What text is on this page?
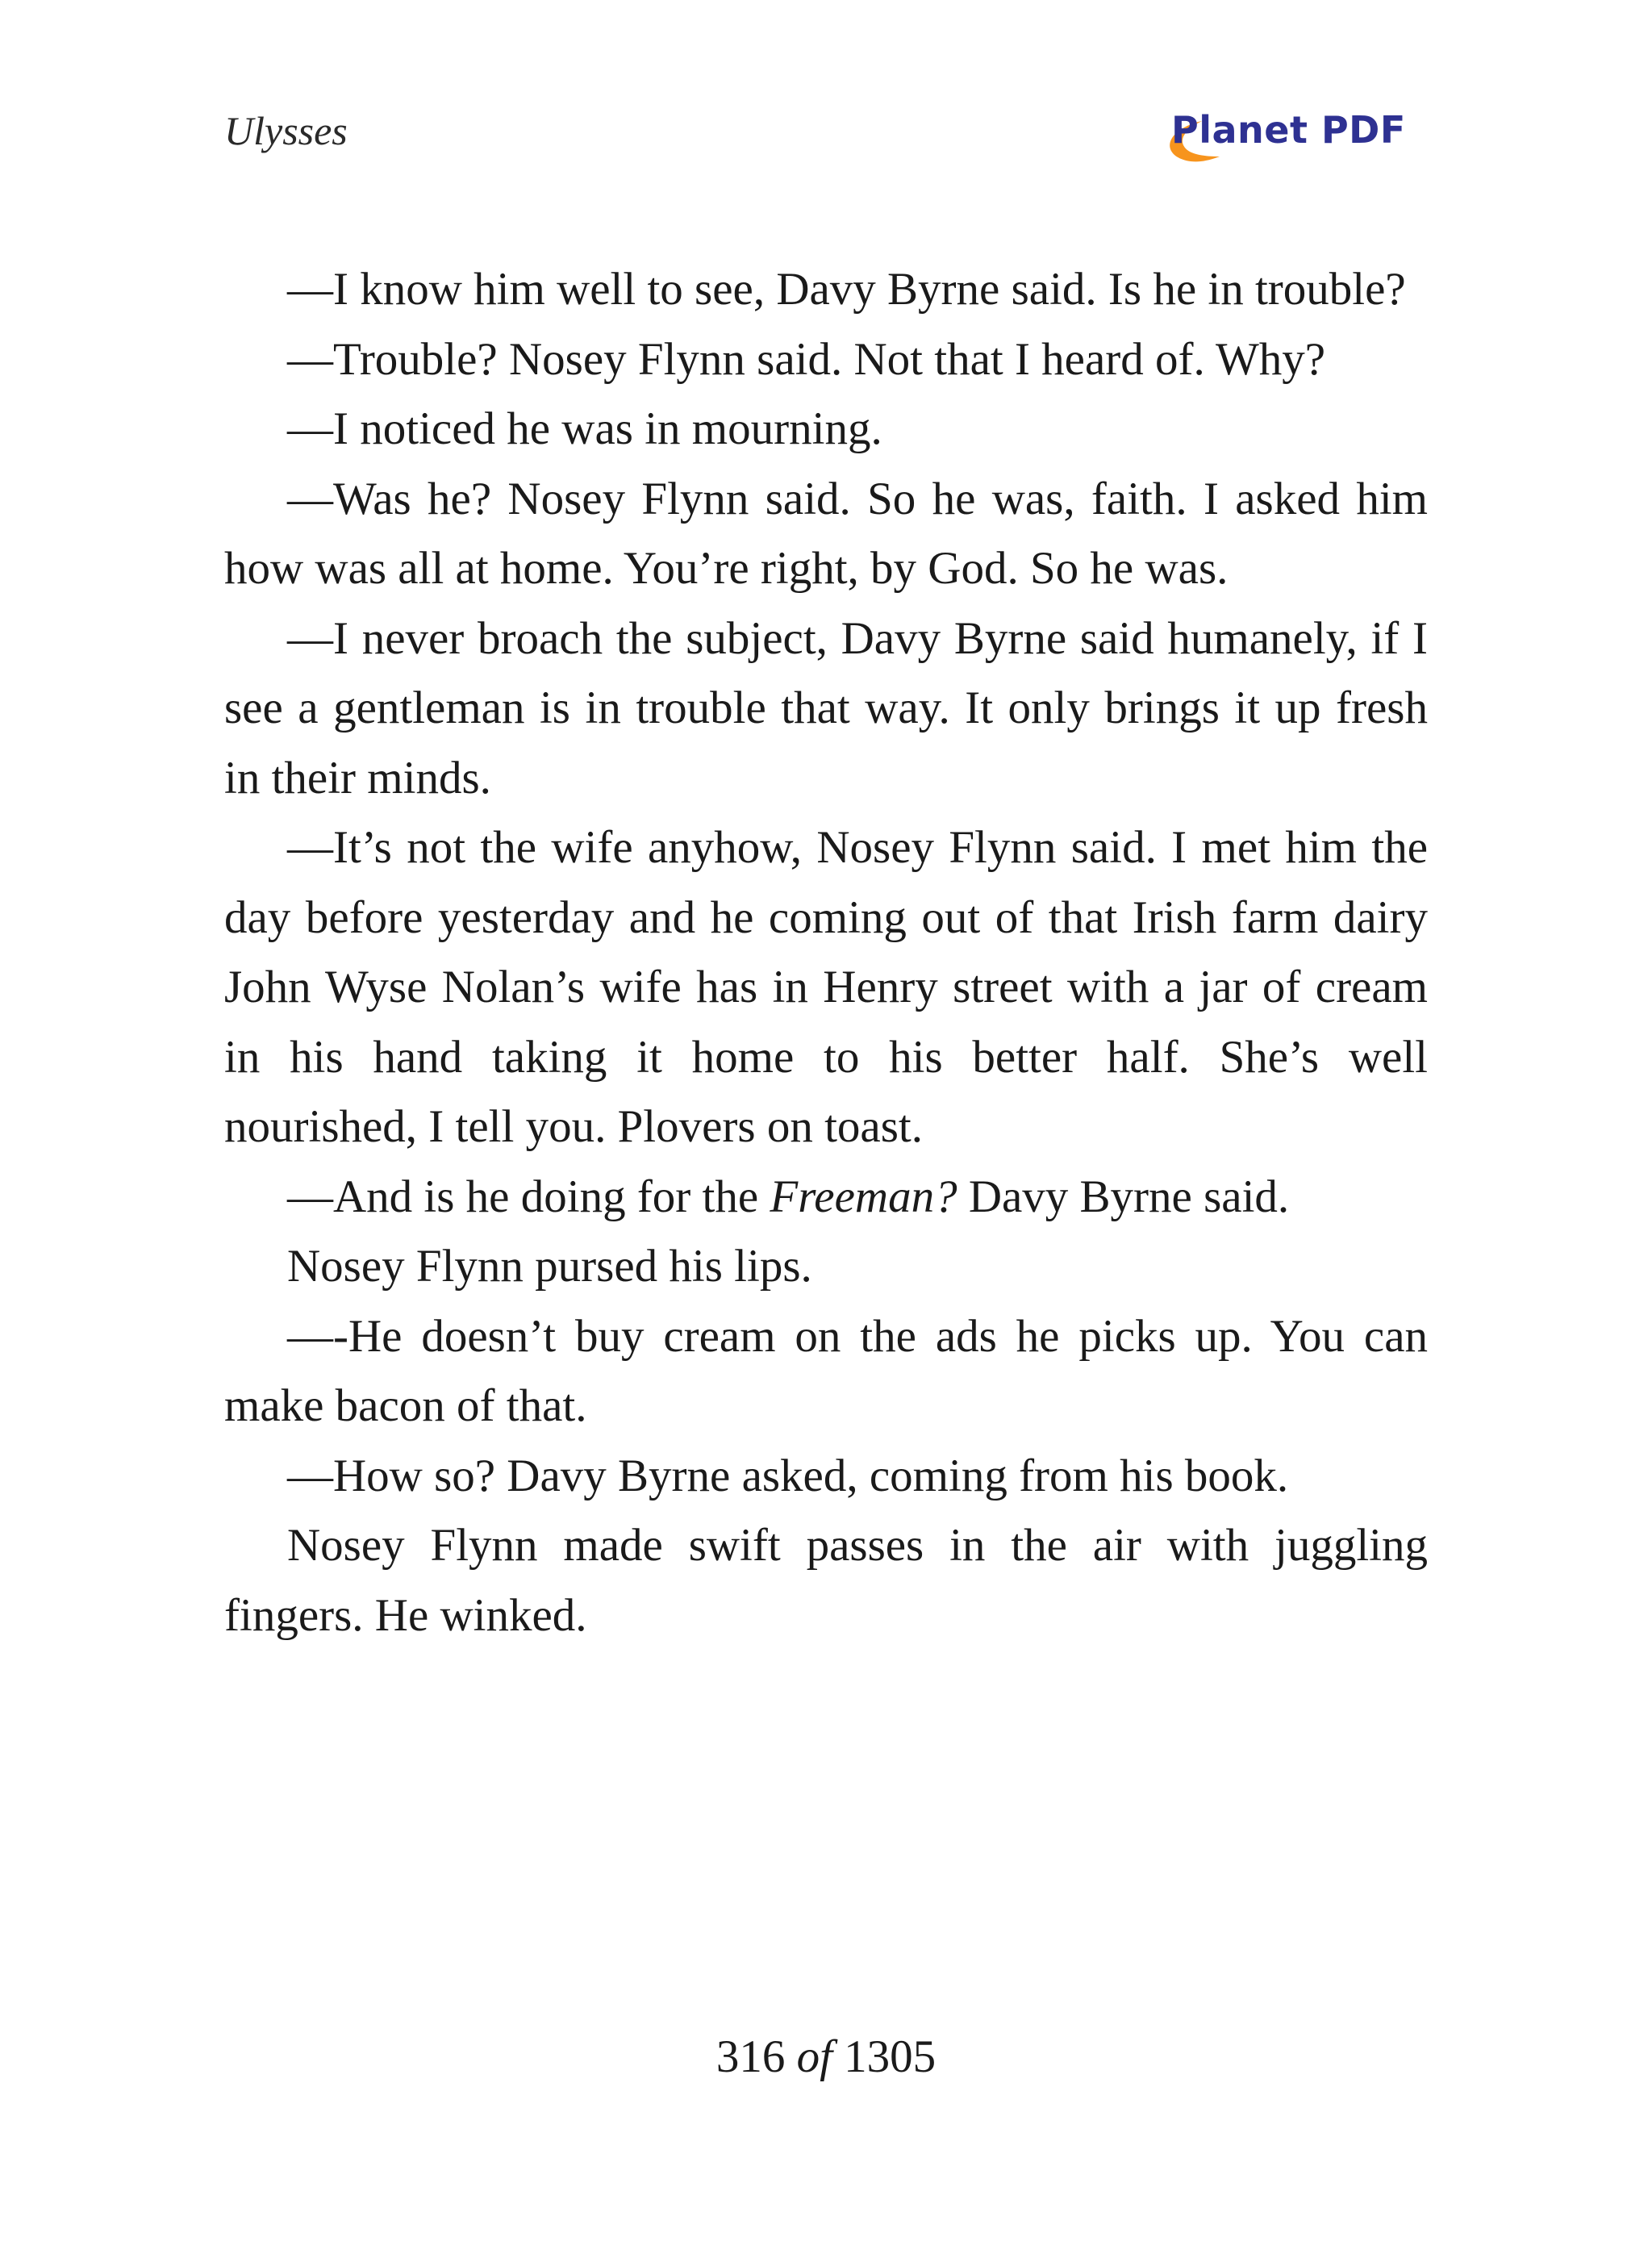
Ulysses	Planet PDF

—I know him well to see, Davy Byrne said. Is he in trouble?

—Trouble? Nosey Flynn said. Not that I heard of. Why?

—I noticed he was in mourning.

—Was he? Nosey Flynn said. So he was, faith. I asked him how was all at home. You’re right, by God. So he was.

—I never broach the subject, Davy Byrne said humanely, if I see a gentleman is in trouble that way. It only brings it up fresh in their minds.

—It’s not the wife anyhow, Nosey Flynn said. I met him the day before yesterday and he coming out of that Irish farm dairy John Wyse Nolan’s wife has in Henry street with a jar of cream in his hand taking it home to his better half. She’s well nourished, I tell you. Plovers on toast.

—And is he doing for the Freeman? Davy Byrne said.

Nosey Flynn pursed his lips.

—-He doesn’t buy cream on the ads he picks up. You can make bacon of that.

—How so? Davy Byrne asked, coming from his book.

Nosey Flynn made swift passes in the air with juggling fingers. He winked.

316 of 1305
